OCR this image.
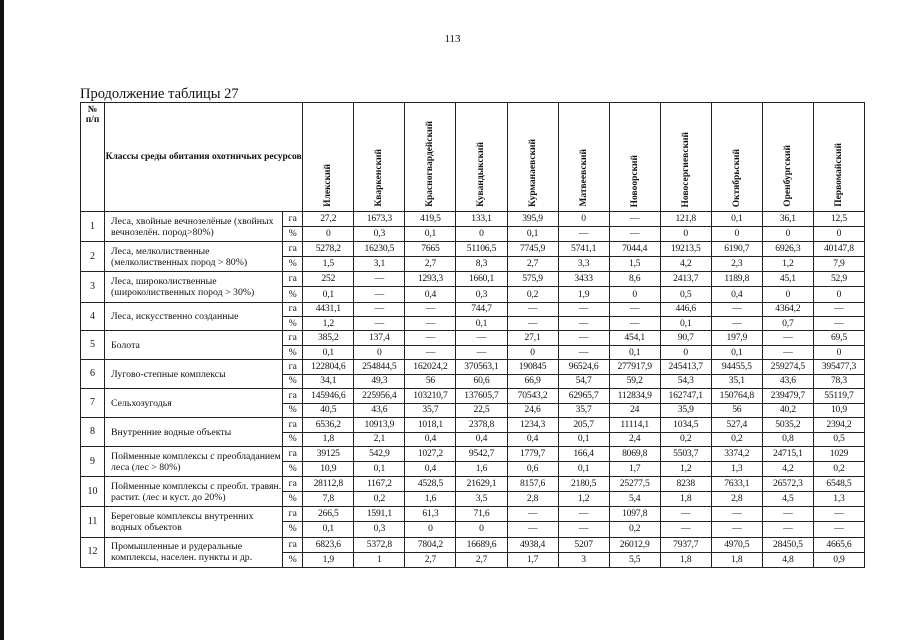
113
Продолжение таблицы 27
№
п/п	Классы среды обитания охотничьих ресурсов		Илекский	Кваркенский	Красногвардейский	Кувандыкский	Курманаевский	Матвеевский	Новоорский	Новосергиевский	Октябрьский	Оренбургский	Первомайский

1	Леса, хвойные вечнозелёные (хвойных вечнозелён. пород>80%)	га	27,2	1673,3	419,5	133,1	395,9	0	—	121,8	0,1	36,1	12,5
		%	0	0,3	0,1	0	0,1	—	—	0	0	0	0
2	Леса, мелколиственные (мелколиственных пород > 80%)	га	5278,2	16230,5	7665	51106,5	7745,9	5741,1	7044,4	19213,5	6190,7	6926,3	40147,8
		%	1,5	3,1	2,7	8,3	2,7	3,3	1,5	4,2	2,3	1,2	7,9
3	Леса, широколиственные (широколиственных пород > 30%)	га	252	—	1293,3	1660,1	575,9	3433	8,6	2413,7	1189,8	45,1	52,9
		%	0,1	—	0,4	0,3	0,2	1,9	0	0,5	0,4	0	0
4	Леса, искусственно созданные	га	4431,1	—	—	744,7	—	—	—	446,6	—	4364,2	—
		%	1,2	—	—	0,1	—	—	—	0,1	—	0,7	—
5	Болота	га	385,2	137,4	—	—	27,1	—	454,1	90,7	197,9	—	69,5
		%	0,1	0	—	—	0	—	0,1	0	0,1	—	0
6	Лугово-степные комплексы	га	122804,6	254844,5	162024,2	370563,1	190845	96524,6	277917,9	245413,7	94455,5	259274,5	395477,3
		%	34,1	49,3	56	60,6	66,9	54,7	59,2	54,3	35,1	43,6	78,3
7	Сельхозугодья	га	145946,6	225956,4	103210,7	137605,7	70543,2	62965,7	112834,9	162747,1	150764,8	239479,7	55119,7
		%	40,5	43,6	35,7	22,5	24,6	35,7	24	35,9	56	40,2	10,9
8	Внутренние водные объекты	га	6536,2	10913,9	1018,1	2378,8	1234,3	205,7	11114,1	1034,5	527,4	5035,2	2394,2
		%	1,8	2,1	0,4	0,4	0,4	0,1	2,4	0,2	0,2	0,8	0,5
9	Пойменные комплексы с преобладанием леса (лес > 80%)	га	39125	542,9	1027,2	9542,7	1779,7	166,4	8069,8	5503,7	3374,2	24715,1	1029
		%	10,9	0,1	0,4	1,6	0,6	0,1	1,7	1,2	1,3	4,2	0,2
10	Пойменные комплексы с преобл. травян. растит. (лес и куст. до 20%)	га	28112,8	1167,2	4528,5	21629,1	8157,6	2180,5	25277,5	8238	7633,1	26572,3	6548,5
		%	7,8	0,2	1,6	3,5	2,8	1,2	5,4	1,8	2,8	4,5	1,3
11	Береговые комплексы внутренних водных объектов	га	266,5	1591,1	61,3	71,6	—	—	1097,8	—	—	—	—
		%	0,1	0,3	0	0	—	—	0,2	—	—	—	—
12	Промышленные и рудеральные комплексы, населен. пункты и др.	га	6823,6	5372,8	7804,2	16689,6	4938,4	5207	26012,9	7937,7	4970,5	28450,5	4665,6
		%	1,9	1	2,7	2,7	1,7	3	5,5	1,8	1,8	4,8	0,9
